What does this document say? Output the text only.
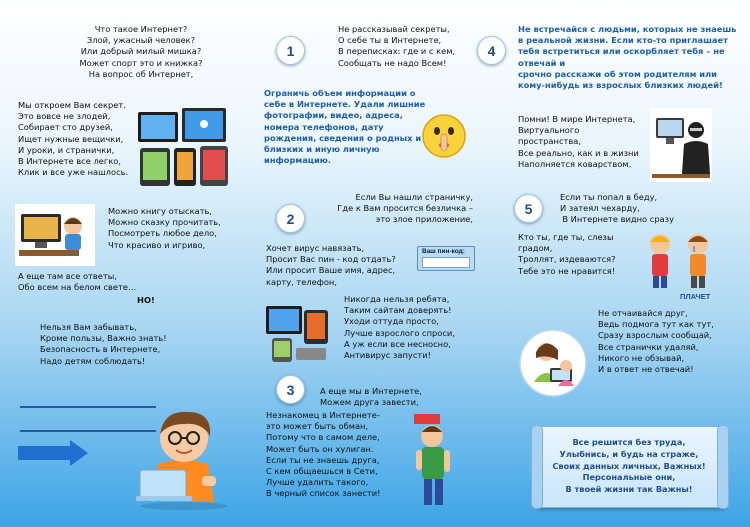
Что такое Интернет?
Злой, ужасный человек?
Или добрый милый мишка?
Может спорт это и книжка?
На вопрос об Интернет,
Мы откроем Вам секрет.
Это вовсе не злодей,
Собирает сто друзей,
Ищет нужные вещички,
И уроки, и странички,
В Интернете все легко,
Клик и все уже нашлось.
Можно книгу отыскать,
Можно сказку прочитать,
Посмотреть любое дело,
Что красиво и игриво,
А еще там все ответы,
Обо всем на белом свете…
НО!
Нельзя Вам забывать,
Кроме пользы, Важно знать!
Безопасность в Интернете,
Надо детям соблюдать!
1
Не рассказывай секреты,
О себе ты в Интернете,
В переписках: где и с кем,
Сообщать не надо Всем!
Ограничь объем информации о
себе в Интернете. Удали лишние
фотографии, видео, адреса,
номера телефонов, дату
рождения, сведения о родных и
близких и иную личную
информацию.
2
Если Вы нашли страничку,
Где к Вам просится безличка –
это злое приложение,
Хочет вирус навязать,
Просит Вас пин - код отдать?
Или просит Ваше имя, адрес,
карту, телефон,
Ваш пин-код:
Никогда нельзя ребята,
Таким сайтам доверять!
Уходи оттуда просто,
Лучше взрослого спроси,
А уж если все несносно,
Антивирус запусти!
3	А еще мы в Интернете,
Можем друга завести,
Незнакомец в Интернете-
это может быть обман,
Потому что в самом деле,
Может быть он хулиган.
Если ты не знаешь друга,
С кем общаешься в Сети,
Лучше удалить такого,
В черный список занести!
4
Не встречайся с людьми, которых не знаешь
в реальной жизни. Если кто-то приглашает
тебя встретиться или оскорбляет тебя – не
отвечай и
срочно расскажи об этом родителям или
кому-нибудь из взрослых близких людей!
Помни! В мире Интернета,
Виртуального
пространства,
Все реально, как и в жизни
Наполняется коварством.
5
Если ты попал в беду,
И затеял чехарду,
В Интернете видно сразу
Кто ты, где ты, слезы
градом,
Троллят, издеваются?
Тебе это не нравится!
ПЛАЧЕТ
Не отчаивайся друг,
Ведь подмога тут как тут,
Сразу взрослым сообщай,
Все странички удаляй,
Никого не обзывай,
И в ответ не отвечай!
Все решится без труда,
Улыбнись, и будь на страже,
Своих данных личных, Важных!
Персональные они,
В твоей жизни так Важны!
